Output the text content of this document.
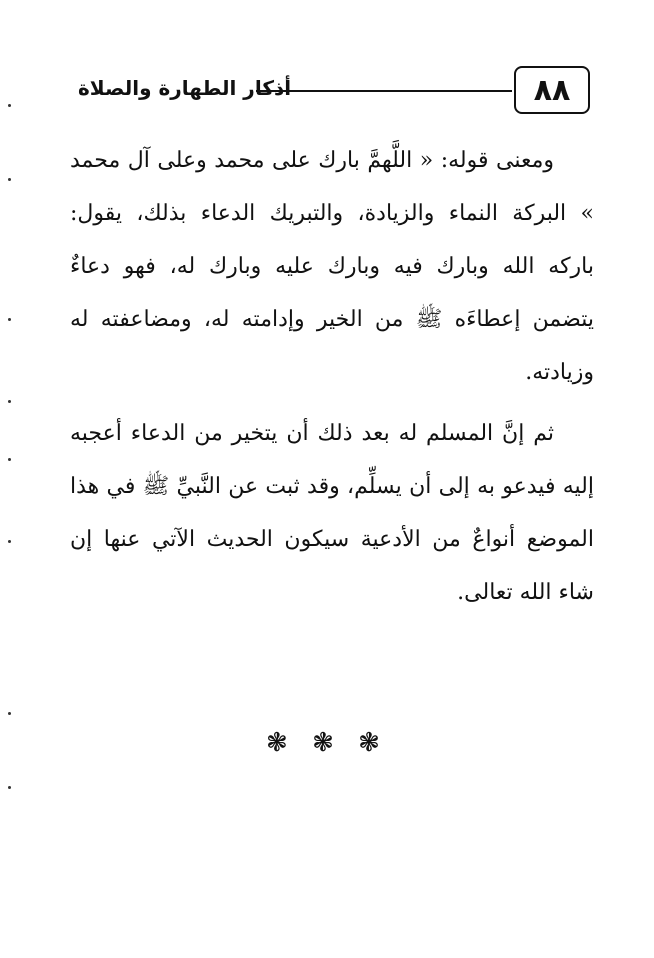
أذكار الطهارة والصلاة	٨٨

ومعنى قوله: « اللَّهمَّ بارك على محمد وعلى آل محمد » البركة النماء والزيادة، والتبريك الدعاء بذلك، يقول: باركه الله وبارك فيه وبارك عليه وبارك له، فهو دعاءٌ يتضمن إعطاءَه ﷺ من الخير وإدامته له، ومضاعفته له وزيادته.

ثم إنَّ المسلم له بعد ذلك أن يتخير من الدعاء أعجبه إليه فيدعو به إلى أن يسلِّم، وقد ثبت عن النَّبيِّ ﷺ في هذا الموضع أنواعٌ من الأدعية سيكون الحديث الآتي عنها إن شاء الله تعالى.

❃ ❃ ❃
